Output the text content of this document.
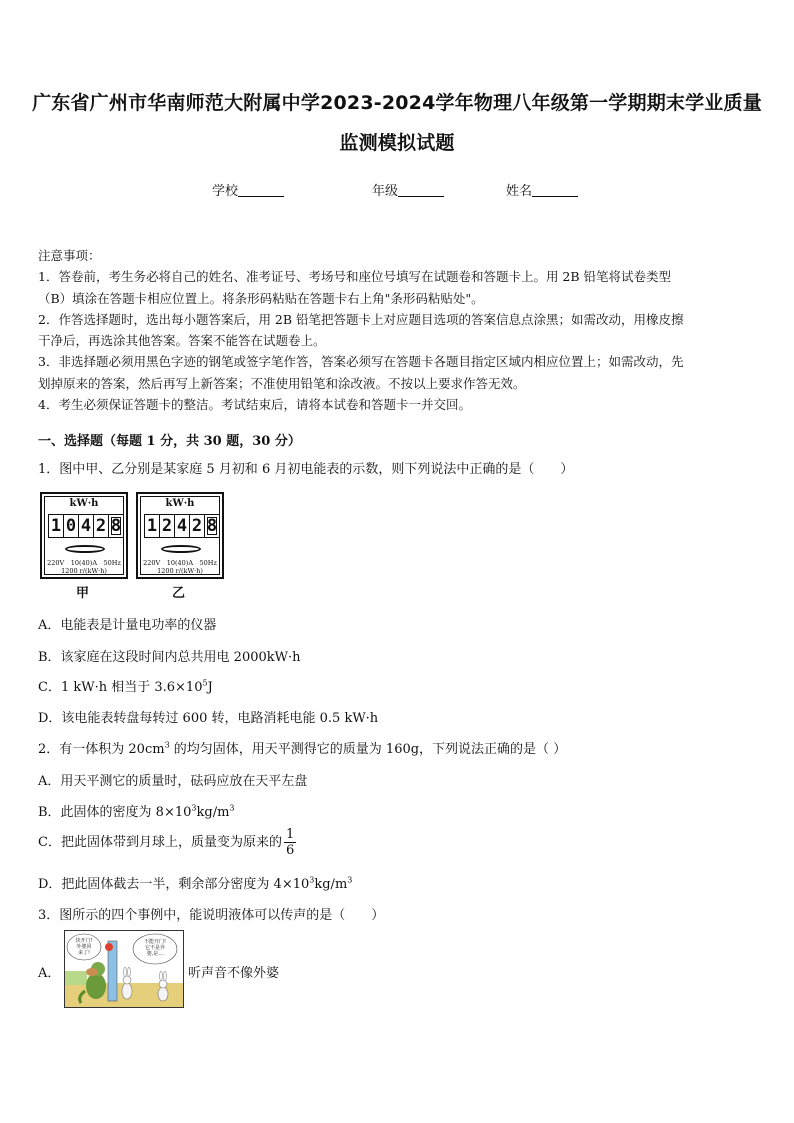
广东省广州市华南师范大附属中学2023-2024学年物理八年级第一学期期末学业质量
监测模拟试题
学校	年级	姓名

注意事项：

1．答卷前，考生务必将自己的姓名、准考证号、考场号和座位号填写在试题卷和答题卡上。用 2B 铅笔将试卷类型

（B）填涂在答题卡相应位置上。将条形码粘贴在答题卡右上角"条形码粘贴处"。

2．作答选择题时，选出每小题答案后，用 2B 铅笔把答题卡上对应题目选项的答案信息点涂黑；如需改动，用橡皮擦

干净后，再选涂其他答案。答案不能答在试题卷上。

3．非选择题必须用黑色字迹的钢笔或签字笔作答，答案必须写在答题卡各题目指定区域内相应位置上；如需改动，先

划掉原来的答案，然后再写上新答案；不准使用铅笔和涂改液。不按以上要求作答无效。

4．考生必须保证答题卡的整洁。考试结束后，请将本试卷和答题卡一并交回。

一、选择题（每题 1 分，共 30 题，30 分）
1．图中甲、乙分别是某家庭 5 月初和 6 月初电能表的示数，则下列说法中正确的是（　　）
kW·h
1 0 4 2 8
220V　10(40)A　50Hz
1200 r/(kW·h)
甲
kW·h
1 2 4 2 8
220V　10(40)A　50Hz
1200 r/(kW·h)
乙
A．电能表是计量电功率的仪器
B．该家庭在这段时间内总共用电 2000kW·h
C．1 kW·h 相当于 $3.6\times 10^5J$
D．该电能表转盘每转过 600 转，电路消耗电能 0.5 kW·h
2．有一体积为 $20cm^3$ 的均匀固体，用天平测得它的质量为 160g，下列说法正确的是（ ）
A．用天平测它的质量时，砝码应放在天平左盘
B．此固体的密度为 $8\times 10^3kg/m^3$
C．把此固体带到月球上，质量变为原来的 $\frac{1}{6}$
D．把此固体截去一半，剩余部分密度为 $4\times 10^3kg/m^3$
3．图所示的四个事例中，能说明液体可以传声的是（　　）
A．
快开门!外婆回来了!
不能开门!它不是外婆,是…
听声音不像外婆
